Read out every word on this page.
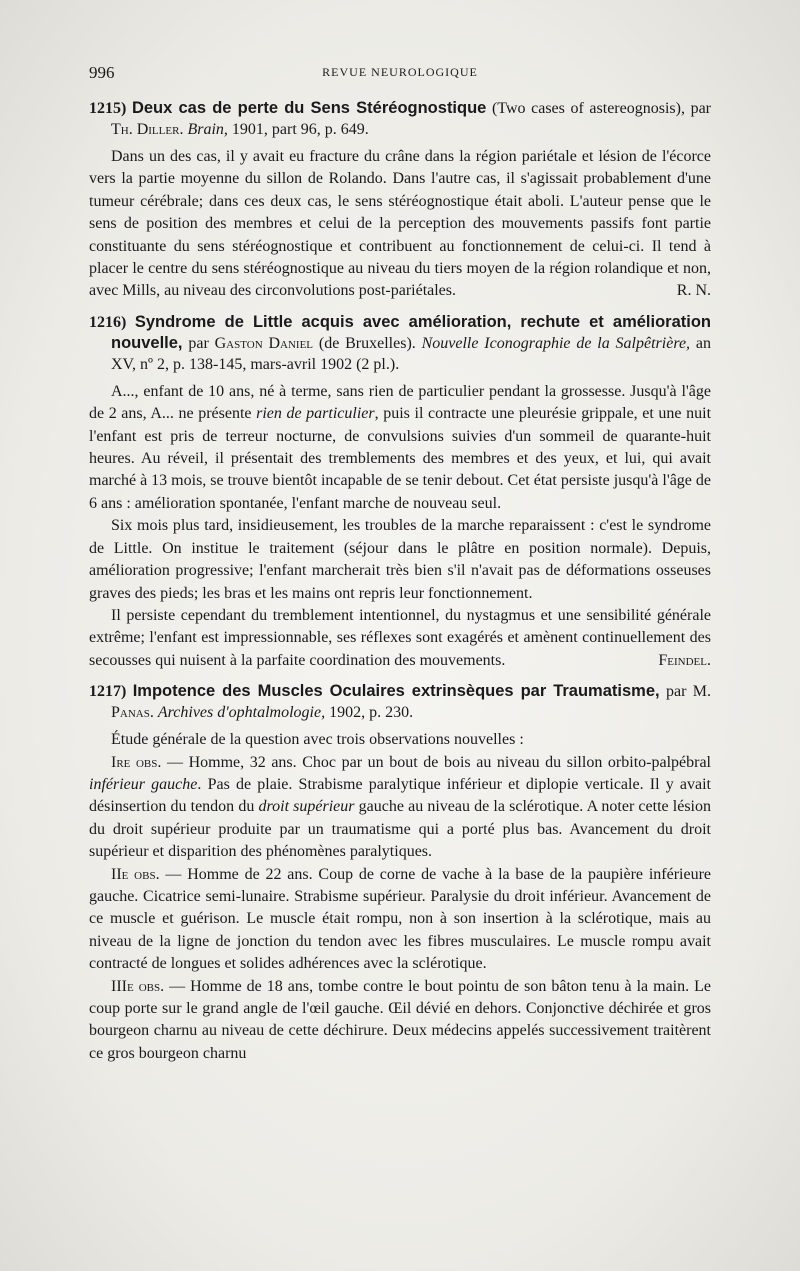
996	REVUE NEUROLOGIQUE
1215) Deux cas de perte du Sens Stéréognostique (Two cases of astereognosis), par Th. Diller. Brain, 1901, part 96, p. 649.

Dans un des cas, il y avait eu fracture du crâne dans la région pariétale et lésion de l'écorce vers la partie moyenne du sillon de Rolando. Dans l'autre cas, il s'agissait probablement d'une tumeur cérébrale; dans ces deux cas, le sens stéréognostique était aboli. L'auteur pense que le sens de position des membres et celui de la perception des mouvements passifs font partie constituante du sens stéréognostique et contribuent au fonctionnement de celui-ci. Il tend à placer le centre du sens stéréognostique au niveau du tiers moyen de la région rolandique et non, avec Mills, au niveau des circonvolutions post-pariétales.	R. N.

1216) Syndrome de Little acquis avec amélioration, rechute et amélioration nouvelle, par Gaston Daniel (de Bruxelles). Nouvelle Iconographie de la Salpêtrière, an XV, nº 2, p. 138-145, mars-avril 1902 (2 pl.).

A..., enfant de 10 ans, né à terme, sans rien de particulier pendant la grossesse. Jusqu'à l'âge de 2 ans, A... ne présente rien de particulier, puis il contracte une pleurésie grippale, et une nuit l'enfant est pris de terreur nocturne, de convulsions suivies d'un sommeil de quarante-huit heures. Au réveil, il présentait des tremblements des membres et des yeux, et lui, qui avait marché à 13 mois, se trouve bientôt incapable de se tenir debout. Cet état persiste jusqu'à l'âge de 6 ans : amélioration spontanée, l'enfant marche de nouveau seul.

Six mois plus tard, insidieusement, les troubles de la marche reparaissent : c'est le syndrome de Little. On institue le traitement (séjour dans le plâtre en position normale). Depuis, amélioration progressive; l'enfant marcherait très bien s'il n'avait pas de déformations osseuses graves des pieds; les bras et les mains ont repris leur fonctionnement.

Il persiste cependant du tremblement intentionnel, du nystagmus et une sensibilité générale extrême; l'enfant est impressionnable, ses réflexes sont exagérés et amènent continuellement des secousses qui nuisent à la parfaite coordination des mouvements.	Feindel.

1217) Impotence des Muscles Oculaires extrinsèques par Traumatisme, par M. Panas. Archives d'ophtalmologie, 1902, p. 230.

Étude générale de la question avec trois observations nouvelles :

Ire obs. — Homme, 32 ans. Choc par un bout de bois au niveau du sillon orbito-palpébral inférieur gauche. Pas de plaie. Strabisme paralytique inférieur et diplopie verticale. Il y avait désinsertion du tendon du droit supérieur gauche au niveau de la sclérotique. A noter cette lésion du droit supérieur produite par un traumatisme qui a porté plus bas. Avancement du droit supérieur et disparition des phénomènes paralytiques.

IIe obs. — Homme de 22 ans. Coup de corne de vache à la base de la paupière inférieure gauche. Cicatrice semi-lunaire. Strabisme supérieur. Paralysie du droit inférieur. Avancement de ce muscle et guérison. Le muscle était rompu, non à son insertion à la sclérotique, mais au niveau de la ligne de jonction du tendon avec les fibres musculaires. Le muscle rompu avait contracté de longues et solides adhérences avec la sclérotique.

IIIe obs. — Homme de 18 ans, tombe contre le bout pointu de son bâton tenu à la main. Le coup porte sur le grand angle de l'œil gauche. Œil dévié en dehors. Conjonctive déchirée et gros bourgeon charnu au niveau de cette déchirure. Deux médecins appelés successivement traitèrent ce gros bourgeon charnu
